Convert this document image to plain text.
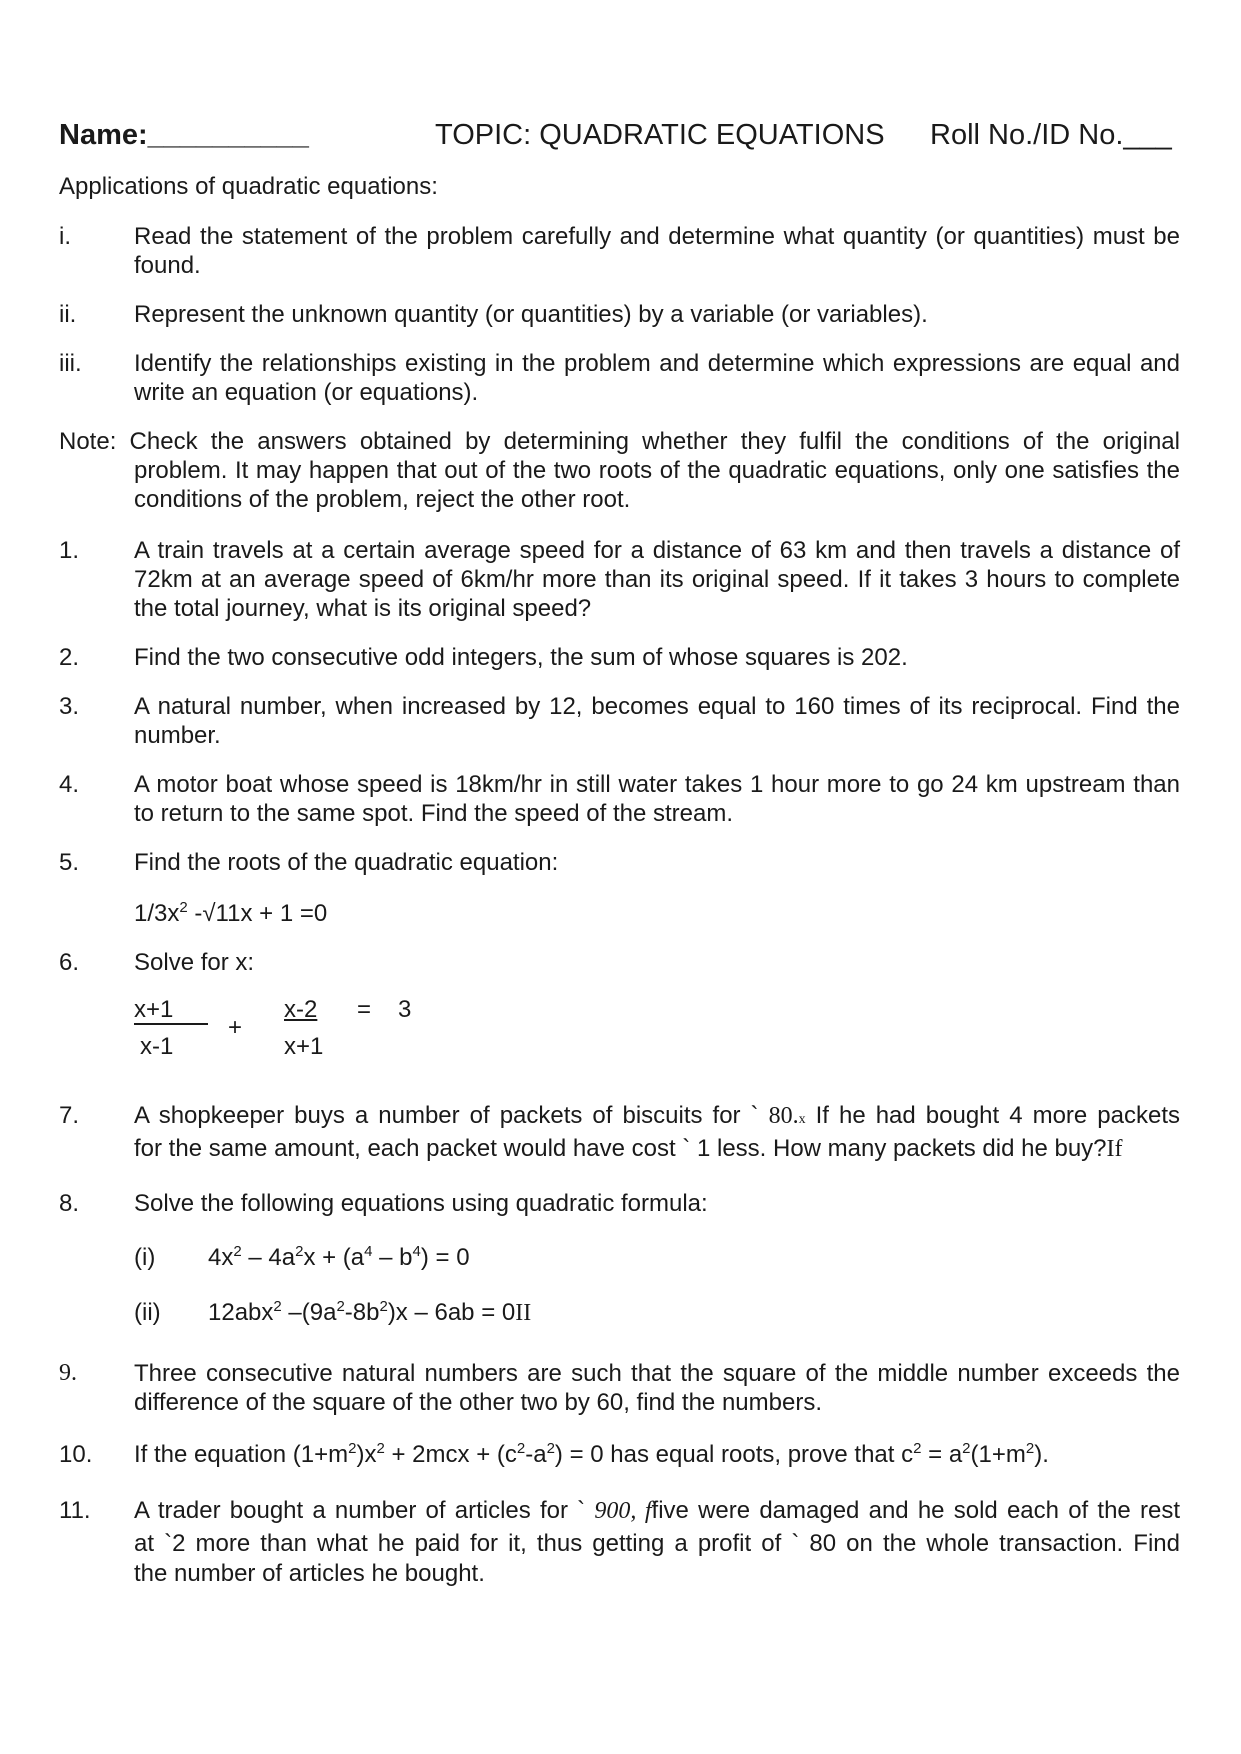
Name:__________	TOPIC: QUADRATIC EQUATIONS Roll No./ID No.___
Applications of quadratic equations:
i.	Read the statement of the problem carefully and determine what quantity (or quantities) must be found.
ii. Represent the unknown quantity (or quantities) by a variable (or variables).
iii. Identify the relationships existing in the problem and determine which expressions are equal and write an equation (or equations).
Note: Check the answers obtained by determining whether they fulfil the conditions of the original problem. It may happen that out of the two roots of the quadratic equations, only one satisfies the conditions of the problem, reject the other root.
1. A train travels at a certain average speed for a distance of 63 km and then travels a distance of 72km at an average speed of 6km/hr more than its original speed. If it takes 3 hours to complete the total journey, what is its original speed?
2. Find the two consecutive odd integers, the sum of whose squares is 202.
3. A natural number, when increased by 12, becomes equal to 160 times of its reciprocal. Find the number.
4. A motor boat whose speed is 18km/hr in still water takes 1 hour more to go 24 km upstream than to return to the same spot. Find the speed of the stream.
5. Find the roots of the quadratic equation:
$1/3x^2$ -√11x + 1 =0
6. Solve for x:
x+1
x-1
+
x-2
x+1
= 3
7. A shopkeeper buys a number of packets of biscuits for ` 80.x If he had bought 4 more packets
for the same amount, each packet would have cost ` 1 less. How many packets did he buy?If
8. Solve the following equations using quadratic formula:
(i) $4x^2 - 4a^2x + (a^4 - b^4) = 0$
(ii) 12abx$^2$ $-(9a^2-8b^2)x - 6ab = 0II$
9. Three consecutive natural numbers are such that the square of the middle number exceeds the difference of the square of the other two by 60, find the numbers.
10. If the equation $(1+m^2)x^2 + 2mcx + (c^2-a^2) = 0$ has equal roots, prove that $c^2 = a^2(1+m^2)$.
11. A trader bought a number of articles for ` 900, ffive were damaged and he sold each of the rest
at `2 more than what he paid for it, thus getting a profit of ` 80 on the whole transaction. Find
the number of articles he bought.
